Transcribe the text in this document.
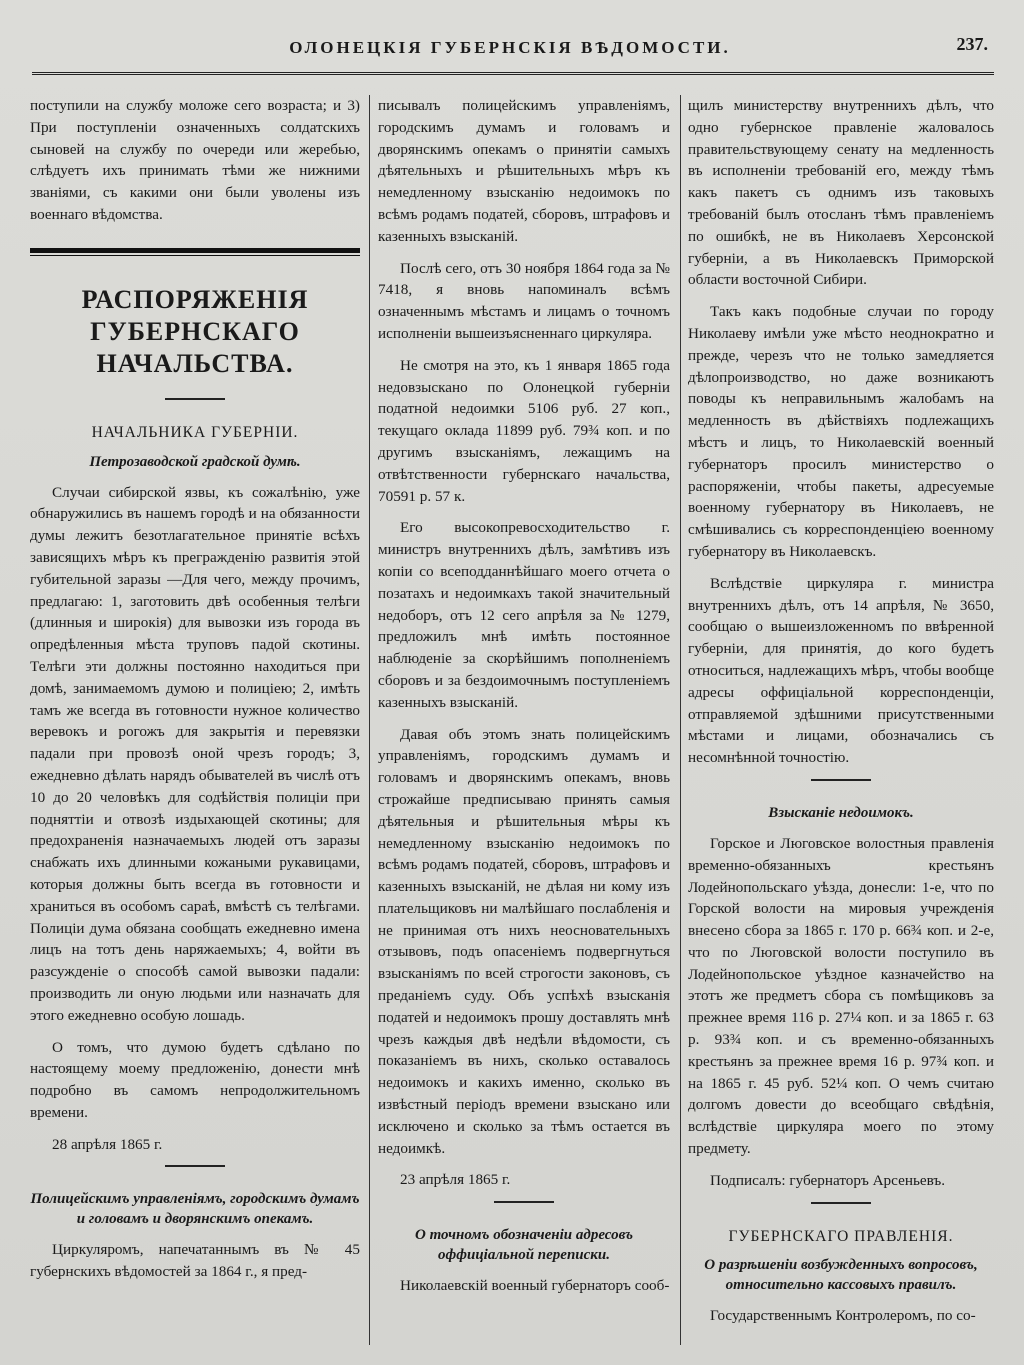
ОЛОНЕЦКІЯ ГУБЕРНСКІЯ ВѢДОМОСТИ.	237.

поступили на службу моложе сего возраста; и 3) При поступленіи означенныхъ солдатскихъ сыновей на службу по очереди или жеребью, слѣдуетъ ихъ принимать тѣми же нижними званіями, съ какими они были уволены изъ военнаго вѣдомства.

РАСПОРЯЖЕНІЯ ГУБЕРНСКАГО НАЧАЛЬСТВА.
НАЧАЛЬНИКА ГУБЕРНІИ.
Петрозаводской градской думѣ.

Случаи сибирской язвы, къ сожалѣнію, уже обнаружились въ нашемъ городѣ и на обязанности думы лежитъ безотлагательное принятіе всѣхъ зависящихъ мѣръ къ прегражденію развитія этой губительной заразы —Для чего, между прочимъ, предлагаю: 1, заготовить двѣ особенныя телѣги (длинныя и широкія) для вывозки изъ города въ опредѣленныя мѣста труповъ падой скотины. Телѣги эти должны постоянно находиться при домѣ, занимаемомъ думою и полиціею; 2, имѣть тамъ же всегда въ готовности нужное количество веревокъ и рогожъ для закрытія и перевязки падали при провозѣ оной чрезъ городъ; 3, ежедневно дѣлать нарядъ обывателей въ числѣ отъ 10 до 20 человѣкъ для содѣйствія полиціи при подняттіи и отвозѣ издыхающей скотины; для предохраненія назначаемыхъ людей отъ заразы снабжать ихъ длинными кожаными рукавицами, которыя должны быть всегда въ готовности и храниться въ особомъ сараѣ, вмѣстѣ съ телѣгами. Полиціи дума обязана сообщать ежедневно имена лицъ на тотъ день наряжаемыхъ; 4, войти въ разсужденіе о способѣ самой вывозки падали: производить ли оную людьми или назначать для этого ежедневно особую лошадь.

О томъ, что думою будетъ сдѣлано по настоящему моему предложенію, донести мнѣ подробно въ самомъ непродолжительномъ времени.

28 апрѣля 1865 г.
Полицейскимъ управленіямъ, городскимъ думамъ и головамъ и дворянскимъ опекамъ.

Циркуляромъ, напечатаннымъ въ № 45 губернскихъ вѣдомостей за 1864 г., я пред-

писывалъ полицейскимъ управленіямъ, городскимъ думамъ и головамъ и дворянскимъ опекамъ о принятіи самыхъ дѣятельныхъ и рѣшительныхъ мѣръ къ немедленному взысканію недоимокъ по всѣмъ родамъ податей, сборовъ, штрафовъ и казенныхъ взысканій.

Послѣ сего, отъ 30 ноября 1864 года за № 7418, я вновь напоминалъ всѣмъ означеннымъ мѣстамъ и лицамъ о точномъ исполненіи вышеизъясненнаго циркуляра.

Не смотря на это, къ 1 января 1865 года недовзыскано по Олонецкой губерніи податной недоимки 5106 руб. 27 коп., текущаго оклада 11899 руб. 79¾ коп. и по другимъ взысканіямъ, лежащимъ на отвѣтственности губернскаго начальства, 70591 р. 57 к.

Его высокопревосходительство г. министръ внутреннихъ дѣлъ, замѣтивъ изъ копіи со всеподданнѣйшаго моего отчета о позатахъ и недоимкахъ такой значительный недоборъ, отъ 12 сего апрѣля за № 1279, предложилъ мнѣ имѣть постоянное наблюденіе за скорѣйшимъ пополненіемъ сборовъ и за бездоимочнымъ поступленіемъ казенныхъ взысканій.

Давая объ этомъ знать полицейскимъ управленіямъ, городскимъ думамъ и головамъ и дворянскимъ опекамъ, вновь строжайше предписываю принять самыя дѣятельныя и рѣшительныя мѣры къ немедленному взысканію недоимокъ по всѣмъ родамъ податей, сборовъ, штрафовъ и казенныхъ взысканій, не дѣлая ни кому изъ плательщиковъ ни малѣйшаго послабленія и не принимая отъ нихъ неосновательныхъ отзывовъ, подъ опасеніемъ подвергнуться взысканіямъ по всей строгости законовъ, съ преданіемъ суду. Объ успѣхѣ взысканія податей и недоимокъ прошу доставлять мнѣ чрезъ каждыя двѣ недѣли вѣдомости, съ показаніемъ въ нихъ, сколько оставалось недоимокъ и какихъ именно, сколько въ извѣстный періодъ времени взыскано или исключено и сколько за тѣмъ остается въ недоимкѣ.

23 апрѣля 1865 г.
О точномъ обозначеніи адресовъ оффиціальной переписки.

Николаевскій военный губернаторъ сооб-

щилъ министерству внутреннихъ дѣлъ, что одно губернское правленіе жаловалось правительствующему сенату на медленность въ исполненіи требованій его, между тѣмъ какъ пакетъ съ однимъ изъ таковыхъ требованій былъ отосланъ тѣмъ правленіемъ по ошибкѣ, не въ Николаевъ Херсонской губерніи, а въ Николаевскъ Приморской области восточной Сибири.

Такъ какъ подобные случаи по городу Николаеву имѣли уже мѣсто неоднократно и прежде, черезъ что не только замедляется дѣлопроизводство, но даже возникаютъ поводы къ неправильнымъ жалобамъ на медленность въ дѣйствіяхъ подлежащихъ мѣстъ и лицъ, то Николаевскій военный губернаторъ просилъ министерство о распоряженіи, чтобы пакеты, адресуемые военному губернатору въ Николаевъ, не смѣшивались съ корреспонденціею военному губернатору въ Николаевскъ.

Вслѣдствіе циркуляра г. министра внутреннихъ дѣлъ, отъ 14 апрѣля, № 3650, сообщаю о вышеизложенномъ по ввѣренной губерніи, для принятія, до кого будетъ относиться, надлежащихъ мѣръ, чтобы вообще адресы оффиціальной корреспонденціи, отправляемой здѣшними присутственными мѣстами и лицами, обозначались съ несомнѣнной точностію.

Взысканіе недоимокъ.

Горское и Люговское волостныя правленія временно-обязанныхъ крестьянъ Лодейнопольскаго уѣзда, донесли: 1-е, что по Горской волости на мировыя учрежденія внесено сбора за 1865 г. 170 р. 66¾ коп. и 2-е, что по Люговской волости поступило въ Лодейнопольское уѣздное казначейство на этотъ же предметъ сбора съ помѣщиковъ за прежнее время 116 р. 27¼ коп. и за 1865 г. 63 р. 93¾ коп. и съ временно-обязанныхъ крестьянъ за прежнее время 16 р. 97¾ коп. и на 1865 г. 45 руб. 52¼ коп. О чемъ считаю долгомъ довести до всеобщаго свѣдѣнія, вслѣдствіе циркуляра моего по этому предмету.

Подписалъ: губернаторъ Арсеньевъ.

ГУБЕРНСКАГО ПРАВЛЕНІЯ.
О разрѣшеніи возбужденныхъ вопросовъ, относительно кассовыхъ правилъ.

Государственнымъ Контролеромъ, по со-
